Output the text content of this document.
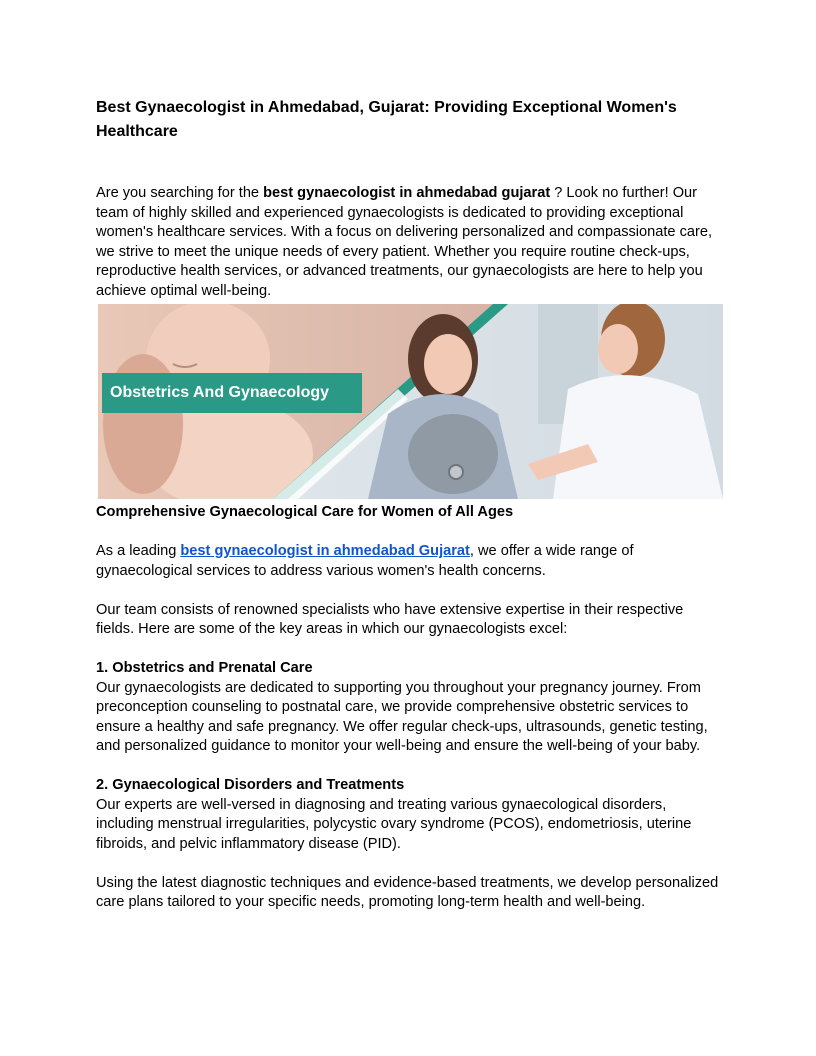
Best Gynaecologist in Ahmedabad, Gujarat: Providing Exceptional Women's Healthcare

Are you searching for the best gynaecologist in ahmedabad gujarat ? Look no further! Our team of highly skilled and experienced gynaecologists is dedicated to providing exceptional women's healthcare services. With a focus on delivering personalized and compassionate care, we strive to meet the unique needs of every patient. Whether you require routine check-ups, reproductive health services, or advanced treatments, our gynaecologists are here to help you achieve optimal well-being.

Obstetrics And Gynaecology

Comprehensive Gynaecological Care for Women of All Ages

As a leading best gynaecologist in ahmedabad Gujarat, we offer a wide range of gynaecological services to address various women's health concerns.

Our team consists of renowned specialists who have extensive expertise in their respective fields. Here are some of the key areas in which our gynaecologists excel:

1. Obstetrics and Prenatal Care

Our gynaecologists are dedicated to supporting you throughout your pregnancy journey. From preconception counseling to postnatal care, we provide comprehensive obstetric services to ensure a healthy and safe pregnancy. We offer regular check-ups, ultrasounds, genetic testing, and personalized guidance to monitor your well-being and ensure the well-being of your baby.

2. Gynaecological Disorders and Treatments

Our experts are well-versed in diagnosing and treating various gynaecological disorders, including menstrual irregularities, polycystic ovary syndrome (PCOS), endometriosis, uterine fibroids, and pelvic inflammatory disease (PID).

Using the latest diagnostic techniques and evidence-based treatments, we develop personalized care plans tailored to your specific needs, promoting long-term health and well-being.
